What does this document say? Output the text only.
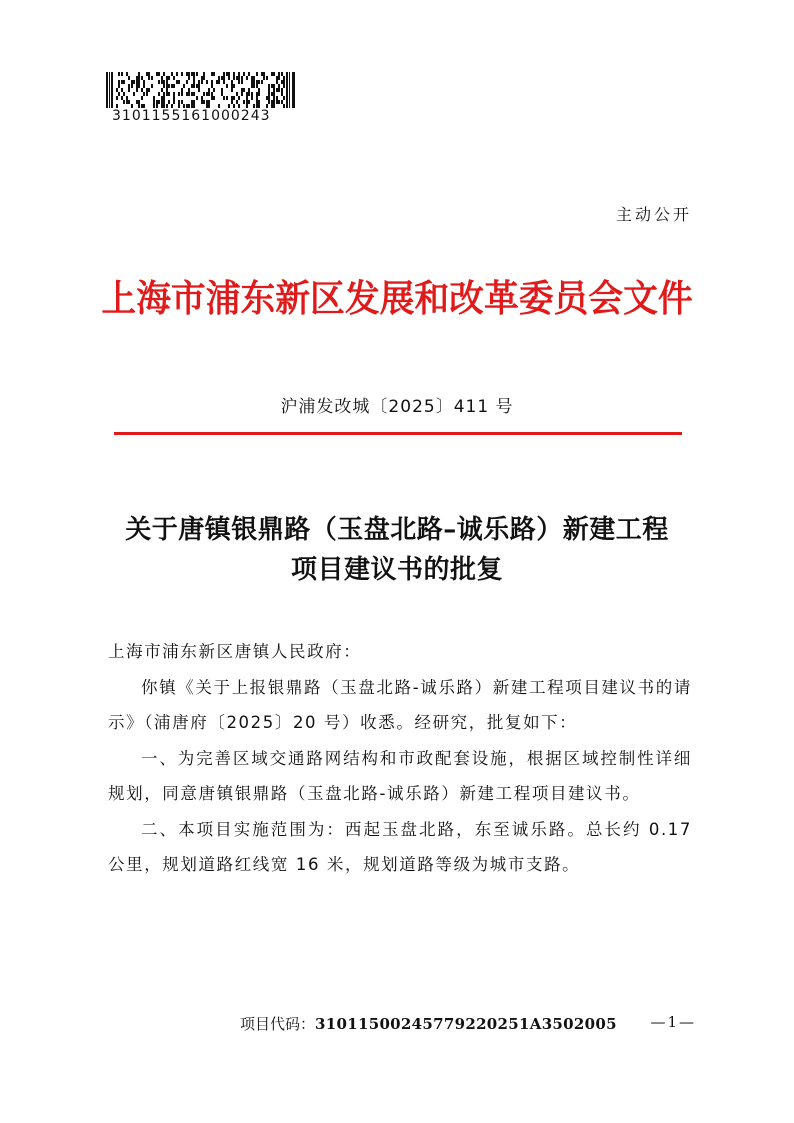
3101155161000243
主动公开
上海市浦东新区发展和改革委员会文件
沪浦发改城〔2025〕411 号
关于唐镇银鼎路（玉盘北路–诚乐路）新建工程
项目建议书的批复

上海市浦东新区唐镇人民政府：

你镇《关于上报银鼎路（玉盘北路-诚乐路）新建工程项目建议书的请示》（浦唐府〔2025〕20 号）收悉。经研究，批复如下：

一、为完善区域交通路网结构和市政配套设施，根据区域控制性详细规划，同意唐镇银鼎路（玉盘北路-诚乐路）新建工程项目建议书。

二、本项目实施范围为：西起玉盘北路，东至诚乐路。总长约 0.17 公里，规划道路红线宽 16 米，规划道路等级为城市支路。

项目代码：31011500245779220251A3502005 —1—
